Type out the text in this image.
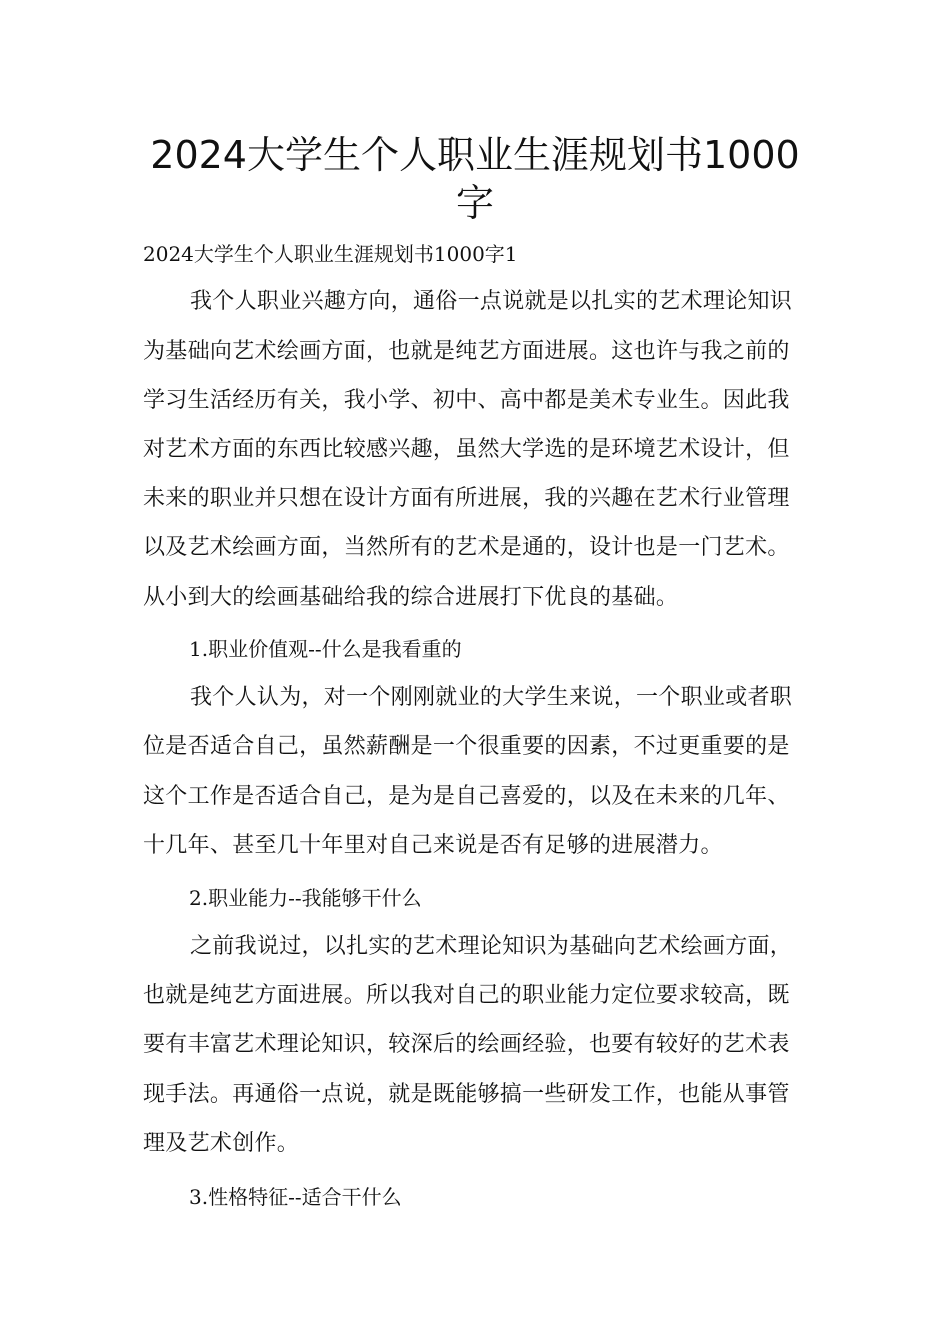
2024大学生个人职业生涯规划书1000
字
2024大学生个人职业生涯规划书1000字1
我个人职业兴趣方向，通俗一点说就是以扎实的艺术理论知识
为基础向艺术绘画方面，也就是纯艺方面进展。这也许与我之前的
学习生活经历有关，我小学、初中、高中都是美术专业生。因此我
对艺术方面的东西比较感兴趣，虽然大学选的是环境艺术设计，但
未来的职业并只想在设计方面有所进展，我的兴趣在艺术行业管理
以及艺术绘画方面，当然所有的艺术是通的，设计也是一门艺术。
从小到大的绘画基础给我的综合进展打下优良的基础。
1.职业价值观--什么是我看重的
我个人认为，对一个刚刚就业的大学生来说，一个职业或者职
位是否适合自己，虽然薪酬是一个很重要的因素，不过更重要的是
这个工作是否适合自己，是为是自己喜爱的，以及在未来的几年、
十几年、甚至几十年里对自己来说是否有足够的进展潜力。
2.职业能力--我能够干什么
之前我说过，以扎实的艺术理论知识为基础向艺术绘画方面，
也就是纯艺方面进展。所以我对自己的职业能力定位要求较高，既
要有丰富艺术理论知识，较深后的绘画经验，也要有较好的艺术表
现手法。再通俗一点说，就是既能够搞一些研发工作，也能从事管
理及艺术创作。
3.性格特征--适合干什么
